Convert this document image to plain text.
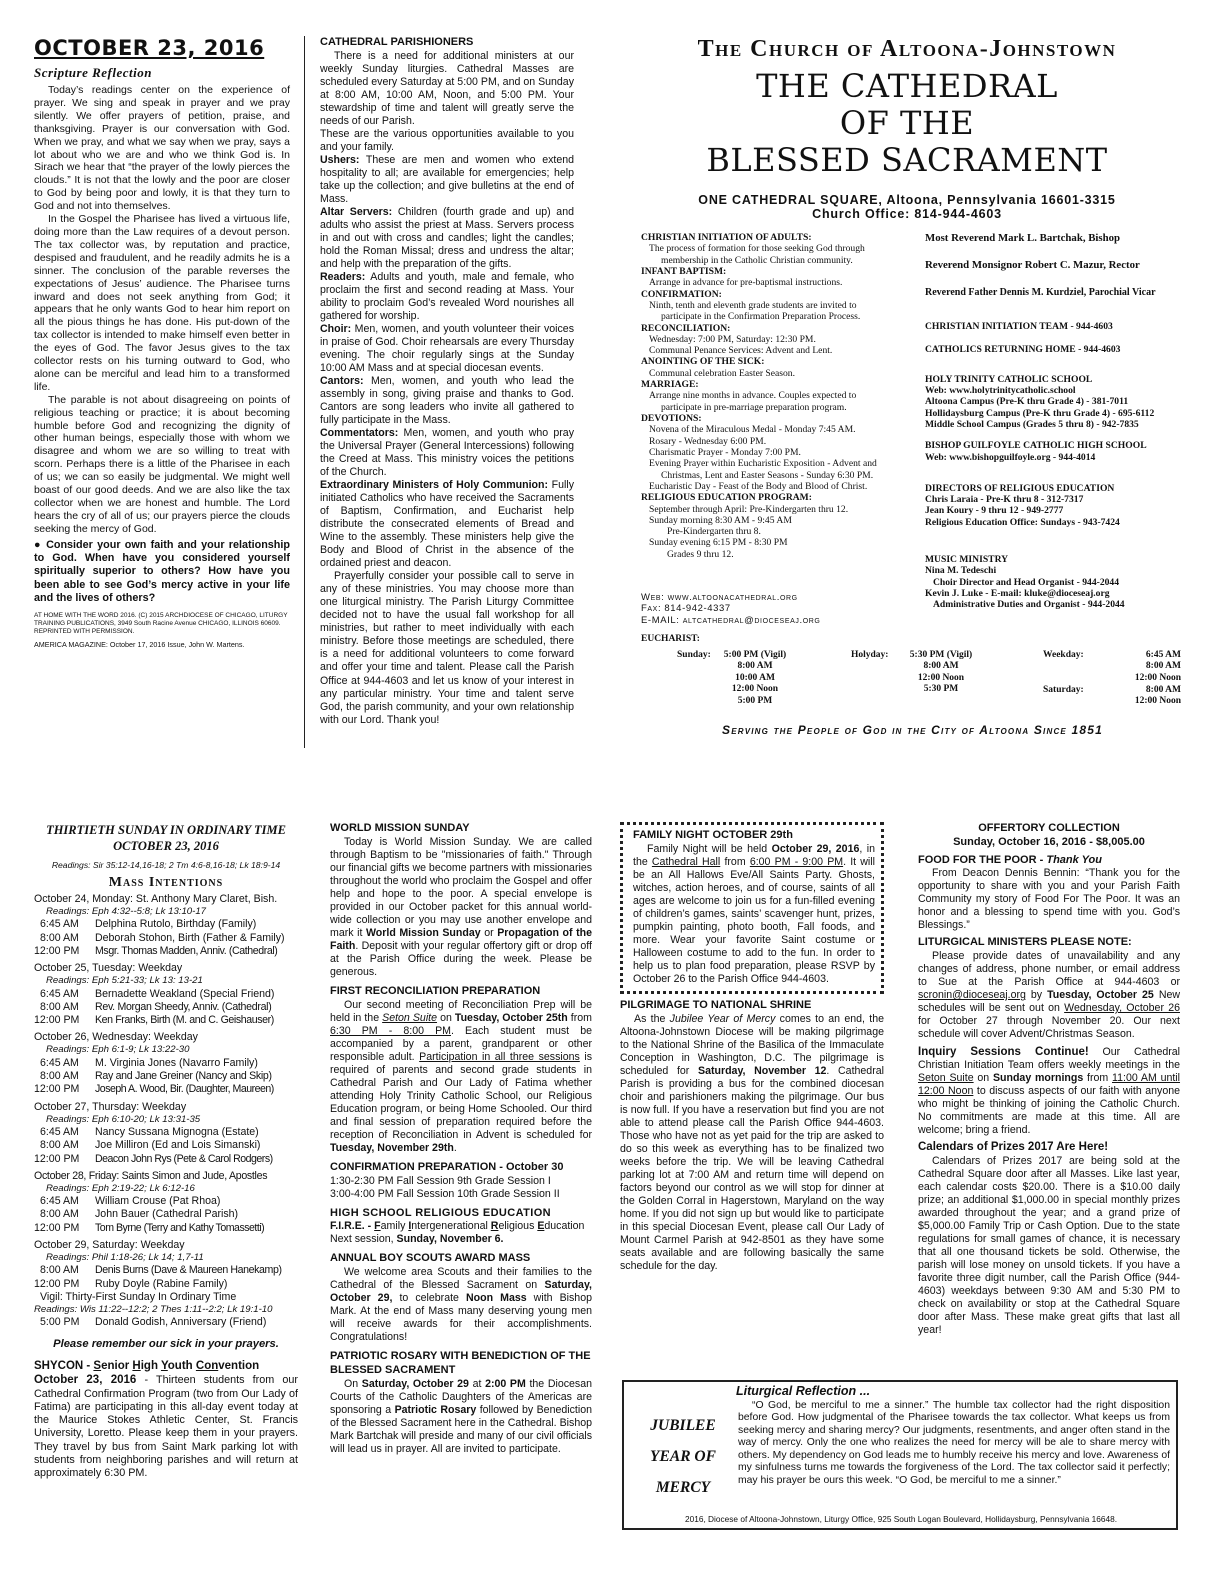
OCTOBER 23, 2016
Scripture Reflection

Today’s readings center on the experience of prayer. We sing and speak in prayer and we pray silently. We offer prayers of petition, praise, and thanksgiving. Prayer is our conversation with God. When we pray, and what we say when we pray, says a lot about who we are and who we think God is. In Sirach we hear that “the prayer of the lowly pierces the clouds.” It is not that the lowly and the poor are closer to God by being poor and lowly, it is that they turn to God and not into themselves.

In the Gospel the Pharisee has lived a virtuous life, doing more than the Law requires of a devout person. The tax collector was, by reputation and practice, despised and fraudulent, and he readily admits he is a sinner. The conclusion of the parable reverses the expectations of Jesus’ audience. The Pharisee turns inward and does not seek anything from God; it appears that he only wants God to hear him report on all the pious things he has done. His put-down of the tax collector is intended to make himself even better in the eyes of God. The favor Jesus gives to the tax collector rests on his turning outward to God, who alone can be merciful and lead him to a transformed life.

The parable is not about disagreeing on points of religious teaching or practice; it is about becoming humble before God and recognizing the dignity of other human beings, especially those with whom we disagree and whom we are so willing to treat with scorn. Perhaps there is a little of the Pharisee in each of us; we can so easily be judgmental. We might well boast of our good deeds. And we are also like the tax collector when we are honest and humble. The Lord hears the cry of all of us; our prayers pierce the clouds seeking the mercy of God.

● Consider your own faith and your relationship to God. When have you considered yourself spiritually superior to others? How have you been able to see God’s mercy active in your life and the lives of others?

AT HOME WITH THE WORD 2016. (C) 2015 ARCHDIOCESE OF CHICAGO, LITURGY TRAINING PUBLICATIONS, 3949 South Racine Avenue CHICAGO, ILLINOIS 60609. REPRINTED WITH PERMISSION.

AMERICA MAGAZINE: October 17, 2016 Issue, John W. Martens.

CATHEDRAL PARISHIONERS

There is a need for additional ministers at our weekly Sunday liturgies. Cathedral Masses are scheduled every Saturday at 5:00 PM, and on Sunday at 8:00 AM, 10:00 AM, Noon, and 5:00 PM. Your stewardship of time and talent will greatly serve the needs of our Parish.

These are the various opportunities available to you and your family.

Ushers: These are men and women who extend hospitality to all; are available for emergencies; help take up the collection; and give bulletins at the end of Mass.

Altar Servers: Children (fourth grade and up) and adults who assist the priest at Mass. Servers process in and out with cross and candles; light the candles; hold the Roman Missal; dress and undress the altar; and help with the preparation of the gifts.

Readers: Adults and youth, male and female, who proclaim the first and second reading at Mass. Your ability to proclaim God’s revealed Word nourishes all gathered for worship.

Choir: Men, women, and youth volunteer their voices in praise of God. Choir rehearsals are every Thursday evening. The choir regularly sings at the Sunday 10:00 AM Mass and at special diocesan events.

Cantors: Men, women, and youth who lead the assembly in song, giving praise and thanks to God. Cantors are song leaders who invite all gathered to fully participate in the Mass.

Commentators: Men, women, and youth who pray the Universal Prayer (General Intercessions) following the Creed at Mass. This ministry voices the petitions of the Church.

Extraordinary Ministers of Holy Communion: Fully initiated Catholics who have received the Sacraments of Baptism, Confirmation, and Eucharist help distribute the consecrated elements of Bread and Wine to the assembly. These ministers help give the Body and Blood of Christ in the absence of the ordained priest and deacon.

Prayerfully consider your possible call to serve in any of these ministries. You may choose more than one liturgical ministry. The Parish Liturgy Committee decided not to have the usual fall workshop for all ministries, but rather to meet individually with each ministry. Before those meetings are scheduled, there is a need for additional volunteers to come forward and offer your time and talent. Please call the Parish Office at 944-4603 and let us know of your interest in any particular ministry. Your time and talent serve God, the parish community, and your own relationship with our Lord. Thank you!

The Church of Altoona-Johnstown
THE CATHEDRAL
OF THE
BLESSED SACRAMENT
ONE CATHEDRAL SQUARE, Altoona, Pennsylvania 16601-3315
Church Office: 814-944-4603

CHRISTIAN INITIATION OF ADULTS:

The process of formation for those seeking God through

membership in the Catholic Christian community.

INFANT BAPTISM:

Arrange in advance for pre-baptismal instructions.

CONFIRMATION:

Ninth, tenth and eleventh grade students are invited to

participate in the Confirmation Preparation Process.

RECONCILIATION:

Wednesday: 7:00 PM, Saturday: 12:30 PM.

Communal Penance Services: Advent and Lent.

ANOINTING OF THE SICK:

Communal celebration Easter Season.

MARRIAGE:

Arrange nine months in advance. Couples expected to

participate in pre-marriage preparation program.

DEVOTIONS:

Novena of the Miraculous Medal - Monday 7:45 AM.

Rosary - Wednesday 6:00 PM.

Charismatic Prayer - Monday 7:00 PM.

Evening Prayer within Eucharistic Exposition - Advent and

Christmas, Lent and Easter Seasons - Sunday 6:30 PM.

Eucharistic Day - Feast of the Body and Blood of Christ.

RELIGIOUS EDUCATION PROGRAM:

September through April: Pre-Kindergarten thru 12.

Sunday morning 8:30 AM - 9:45 AM

Pre-Kindergarten thru 8.

Sunday evening 6:15 PM - 8:30 PM

Grades 9 thru 12.

Web: www.altoonacathedral.org

Fax: 814-942-4337

E-MAIL: altcathedral@dioceseaj.org

Most Reverend Mark L. Bartchak, Bishop

Reverend Monsignor Robert C. Mazur, Rector

Reverend Father Dennis M. Kurdziel, Parochial Vicar

CHRISTIAN INITIATION TEAM - 944-4603

CATHOLICS RETURNING HOME - 944-4603

HOLY TRINITY CATHOLIC SCHOOL

Web: www.holytrinitycatholic.school

Altoona Campus (Pre-K thru Grade 4) - 381-7011

Hollidaysburg Campus (Pre-K thru Grade 4) - 695-6112

Middle School Campus (Grades 5 thru 8) - 942-7835

BISHOP GUILFOYLE CATHOLIC HIGH SCHOOL

Web: www.bishopguilfoyle.org - 944-4014

DIRECTORS OF RELIGIOUS EDUCATION

Chris Laraia - Pre-K thru 8 - 312-7317

Jean Koury - 9 thru 12 - 949-2777

Religious Education Office: Sundays - 943-7424

MUSIC MINISTRY

Nina M. Tedeschi

Choir Director and Head Organist - 944-2044

Kevin J. Luke - E-mail: kluke@dioceseaj.org

Administrative Duties and Organist - 944-2044

EUCHARIST:

Sunday:	5:00 PM (Vigil)

8:00 AM

10:00 AM

12:00 Noon

5:00 PM

Holyday:	5:30 PM (Vigil)

8:00 AM

12:00 Noon

5:30 PM

Weekday:	6:45 AM

8:00 AM

12:00 Noon

Saturday:	8:00 AM

12:00 Noon

Serving the People of God in the City of Altoona Since 1851

THIRTIETH SUNDAY IN ORDINARY TIME

OCTOBER 23, 2016

Readings: Sir 35:12-14,16-18; 2 Tm 4:6-8,16-18; Lk 18:9-14

Mass Intentions

October 24, Monday: St. Anthony Mary Claret, Bish.

Readings: Eph 4:32--5:8; Lk 13:10-17

6:45 AM	Delphina Rutolo, Birthday (Family)
8:00 AM	Deborah Stohon, Birth (Father & Family)
12:00 PM	Msgr. Thomas Madden, Anniv. (Cathedral)

October 25, Tuesday: Weekday

Readings: Eph 5:21-33; Lk 13: 13-21

6:45 AM	Bernadette Weakland (Special Friend)
8:00 AM	Rev. Morgan Sheedy, Anniv. (Cathedral)
12:00 PM	Ken Franks, Birth (M. and C. Geishauser)

October 26, Wednesday: Weekday

Readings: Eph 6:1-9; Lk 13:22-30

6:45 AM	M. Virginia Jones (Navarro Family)
8:00 AM	Ray and Jane Greiner (Nancy and Skip)
12:00 PM	Joseph A. Wood, Bir. (Daughter, Maureen)

October 27, Thursday: Weekday

Readings: Eph 6:10-20; Lk 13:31-35

6:45 AM	Nancy Sussana Mignogna (Estate)
8:00 AM	Joe Milliron (Ed and Lois Simanski)
12:00 PM	Deacon John Rys (Pete & Carol Rodgers)

October 28, Friday: Saints Simon and Jude, Apostles

Readings: Eph 2:19-22; Lk 6:12-16

6:45 AM	William Crouse (Pat Rhoa)
8:00 AM	John Bauer (Cathedral Parish)
12:00 PM	Tom Byrne (Terry and Kathy Tomassetti)

October 29, Saturday: Weekday

Readings: Phil 1:18-26; Lk 14; 1,7-11

8:00 AM	Denis Burns (Dave & Maureen Hanekamp)
12:00 PM	Ruby Doyle (Rabine Family)

Vigil: Thirty-First Sunday In Ordinary Time

Readings: Wis 11:22--12:2; 2 Thes 1:11--2:2; Lk 19:1-10

5:00 PM	Donald Godish, Anniversary (Friend)

Please remember our sick in your prayers.

SHYCON - Senior High Youth Convention

October 23, 2016 - Thirteen students from our Cathedral Confirmation Program (two from Our Lady of Fatima) are participating in this all-day event today at the Maurice Stokes Athletic Center, St. Francis University, Loretto. Please keep them in your prayers. They travel by bus from Saint Mark parking lot with students from neighboring parishes and will return at approximately 6:30 PM.

WORLD MISSION SUNDAY

Today is World Mission Sunday. We are called through Baptism to be "missionaries of faith." Through our financial gifts we become partners with missionaries throughout the world who proclaim the Gospel and offer help and hope to the poor. A special envelope is provided in our October packet for this annual world-wide collection or you may use another envelope and mark it World Mission Sunday or Propagation of the Faith. Deposit with your regular offertory gift or drop off at the Parish Office during the week. Please be generous.

FIRST RECONCILIATION PREPARATION

Our second meeting of Reconciliation Prep will be held in the Seton Suite on Tuesday, October 25th from 6:30 PM - 8:00 PM. Each student must be accompanied by a parent, grandparent or other responsible adult. Participation in all three sessions is required of parents and second grade students in Cathedral Parish and Our Lady of Fatima whether attending Holy Trinity Catholic School, our Religious Education program, or being Home Schooled. Our third and final session of preparation required before the reception of Reconciliation in Advent is scheduled for Tuesday, November 29th.

CONFIRMATION PREPARATION - October 30

1:30-2:30 PM Fall Session 9th Grade Session I

3:00-4:00 PM Fall Session 10th Grade Session II

HIGH SCHOOL RELIGIOUS EDUCATION

F.I.R.E. - Family Intergenerational Religious Education

Next session, Sunday, November 6.

ANNUAL BOY SCOUTS AWARD MASS

We welcome area Scouts and their families to the Cathedral of the Blessed Sacrament on Saturday, October 29, to celebrate Noon Mass with Bishop Mark. At the end of Mass many deserving young men will receive awards for their accomplishments. Congratulations!

PATRIOTIC ROSARY WITH BENEDICTION OF THE BLESSED SACRAMENT

On Saturday, October 29 at 2:00 PM the Diocesan Courts of the Catholic Daughters of the Americas are sponsoring a Patriotic Rosary followed by Benediction of the Blessed Sacrament here in the Cathedral. Bishop Mark Bartchak will preside and many of our civil officials will lead us in prayer. All are invited to participate.

FAMILY NIGHT OCTOBER 29th

Family Night will be held October 29, 2016, in the Cathedral Hall from 6:00 PM - 9:00 PM. It will be an All Hallows Eve/All Saints Party. Ghosts, witches, action heroes, and of course, saints of all ages are welcome to join us for a fun-filled evening of children’s games, saints’ scavenger hunt, prizes, pumpkin painting, photo booth, Fall foods, and more. Wear your favorite Saint costume or Halloween costume to add to the fun. In order to help us to plan food preparation, please RSVP by October 26 to the Parish Office 944-4603.

PILGRIMAGE TO NATIONAL SHRINE

As the Jubilee Year of Mercy comes to an end, the Altoona-Johnstown Diocese will be making pilgrimage to the National Shrine of the Basilica of the Immaculate Conception in Washington, D.C. The pilgrimage is scheduled for Saturday, November 12. Cathedral Parish is providing a bus for the combined diocesan choir and parishioners making the pilgrimage. Our bus is now full. If you have a reservation but find you are not able to attend please call the Parish Office 944-4603. Those who have not as yet paid for the trip are asked to do so this week as everything has to be finalized two weeks before the trip. We will be leaving Cathedral parking lot at 7:00 AM and return time will depend on factors beyond our control as we will stop for dinner at the Golden Corral in Hagerstown, Maryland on the way home. If you did not sign up but would like to participate in this special Diocesan Event, please call Our Lady of Mount Carmel Parish at 942-8501 as they have some seats available and are following basically the same schedule for the day.

OFFERTORY COLLECTION

Sunday, October 16, 2016 - $8,005.00

FOOD FOR THE POOR - Thank You

From Deacon Dennis Bennin: “Thank you for the opportunity to share with you and your Parish Faith Community my story of Food For The Poor. It was an honor and a blessing to spend time with you. God’s Blessings.”

LITURGICAL MINISTERS PLEASE NOTE:

Please provide dates of unavailability and any changes of address, phone number, or email address to Sue at the Parish Office at 944-4603 or scronin@dioceseaj.org by Tuesday, October 25 New schedules will be sent out on Wednesday, October 26 for October 27 through November 20. Our next schedule will cover Advent/Christmas Season.

Inquiry Sessions Continue! Our Cathedral Christian Initiation Team offers weekly meetings in the Seton Suite on Sunday mornings from 11:00 AM until 12:00 Noon to discuss aspects of our faith with anyone who might be thinking of joining the Catholic Church. No commitments are made at this time. All are welcome; bring a friend.

Calendars of Prizes 2017 Are Here!

Calendars of Prizes 2017 are being sold at the Cathedral Square door after all Masses. Like last year, each calendar costs $20.00. There is a $10.00 daily prize; an additional $1,000.00 in special monthly prizes awarded throughout the year; and a grand prize of $5,000.00 Family Trip or Cash Option. Due to the state regulations for small games of chance, it is necessary that all one thousand tickets be sold. Otherwise, the parish will lose money on unsold tickets. If you have a favorite three digit number, call the Parish Office (944-4603) weekdays between 9:30 AM and 5:30 PM to check on availability or stop at the Cathedral Square door after Mass. These make great gifts that last all year!

JUBILEE

YEAR OF

MERCY

Liturgical Reflection ...

“O God, be merciful to me a sinner.” The humble tax collector had the right disposition before God. How judgmental of the Pharisee towards the tax collector. What keeps us from seeking mercy and sharing mercy? Our judgments, resentments, and anger often stand in the way of mercy. Only the one who realizes the need for mercy will be ale to share mercy with others. My dependency on God leads me to humbly receive his mercy and love. Awareness of my sinfulness turns me towards the forgiveness of the Lord. The tax collector said it perfectly; may his prayer be ours this week. “O God, be merciful to me a sinner.”

2016, Diocese of Altoona-Johnstown, Liturgy Office, 925 South Logan Boulevard, Hollidaysburg, Pennsylvania 16648.
